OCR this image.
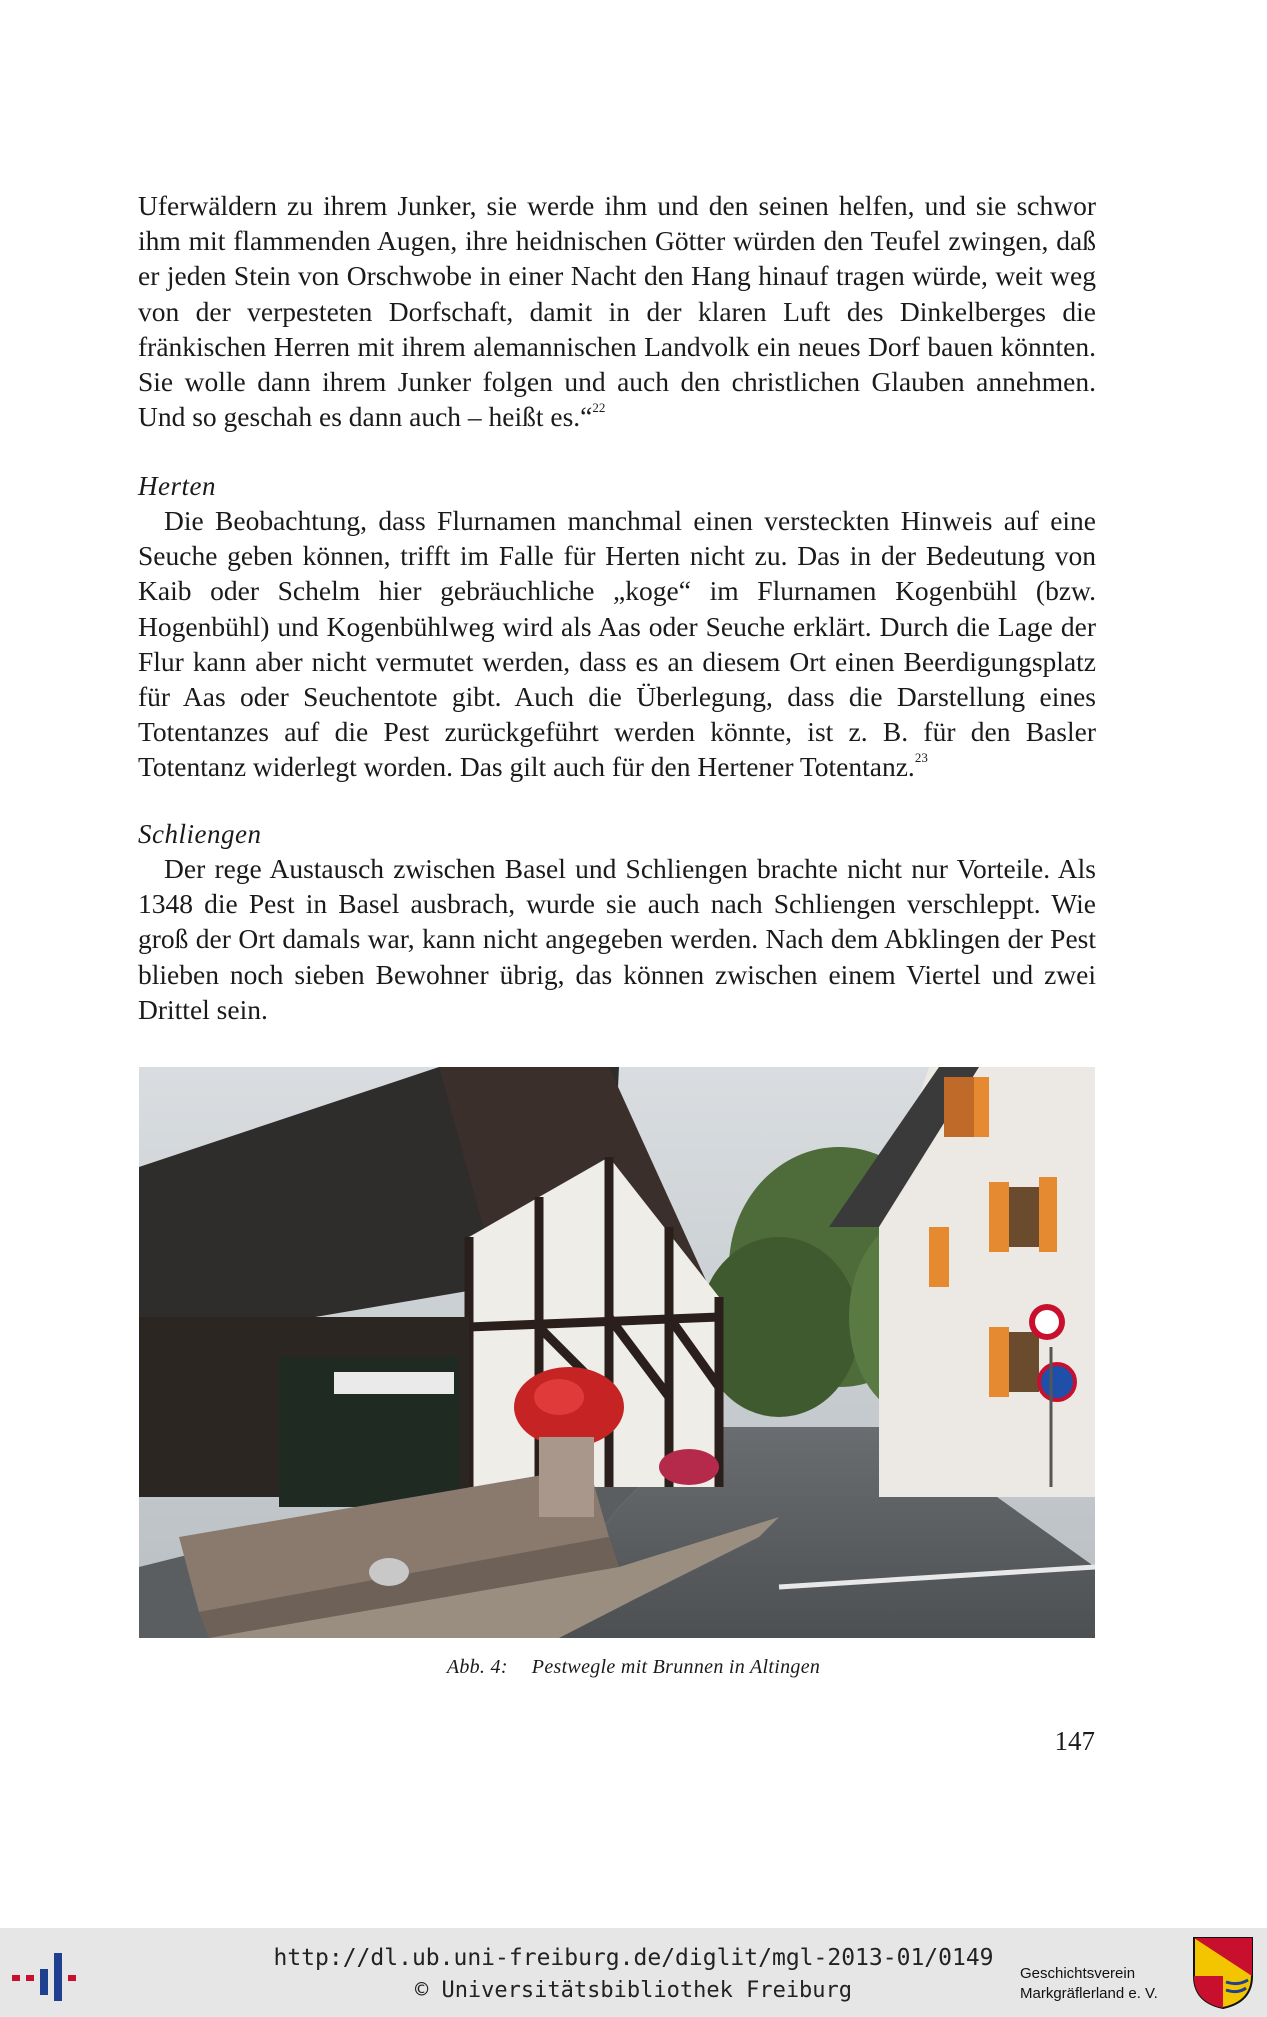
Uferwäldern zu ihrem Junker, sie werde ihm und den seinen helfen, und sie schwor ihm mit flammenden Augen, ihre heidnischen Götter würden den Teufel zwingen, daß er jeden Stein von Orschwobe in einer Nacht den Hang hinauf tragen würde, weit weg von der verpesteten Dorfschaft, damit in der klaren Luft des Dinkelberges die fränkischen Herren mit ihrem alemannischen Landvolk ein neues Dorf bauen könnten. Sie wolle dann ihrem Junker folgen und auch den christlichen Glauben annehmen. Und so geschah es dann auch – heißt es.“$^{22}$

Herten

Die Beobachtung, dass Flurnamen manchmal einen versteckten Hinweis auf eine Seuche geben können, trifft im Falle für Herten nicht zu. Das in der Bedeutung von Kaib oder Schelm hier gebräuchliche „koge“ im Flurnamen Kogenbühl (bzw. Hogenbühl) und Kogenbühlweg wird als Aas oder Seuche erklärt. Durch die Lage der Flur kann aber nicht vermutet werden, dass es an diesem Ort einen Beerdigungsplatz für Aas oder Seuchentote gibt. Auch die Überlegung, dass die Darstellung eines Totentanzes auf die Pest zurückgeführt werden könnte, ist z. B. für den Basler Totentanz widerlegt worden. Das gilt auch für den Hertener Totentanz.$^{23}$

Schliengen

Der rege Austausch zwischen Basel und Schliengen brachte nicht nur Vorteile. Als 1348 die Pest in Basel ausbrach, wurde sie auch nach Schliengen verschleppt. Wie groß der Ort damals war, kann nicht angegeben werden. Nach dem Abklingen der Pest blieben noch sieben Bewohner übrig, das können zwischen einem Viertel und zwei Drittel sein.

Abb. 4: Pestwegle mit Brunnen in Altingen
147
http://dl.ub.uni-freiburg.de/diglit/mgl-2013-01/0149
© Universitätsbibliothek Freiburg
Geschichtsverein
Markgräflerland e. V.
